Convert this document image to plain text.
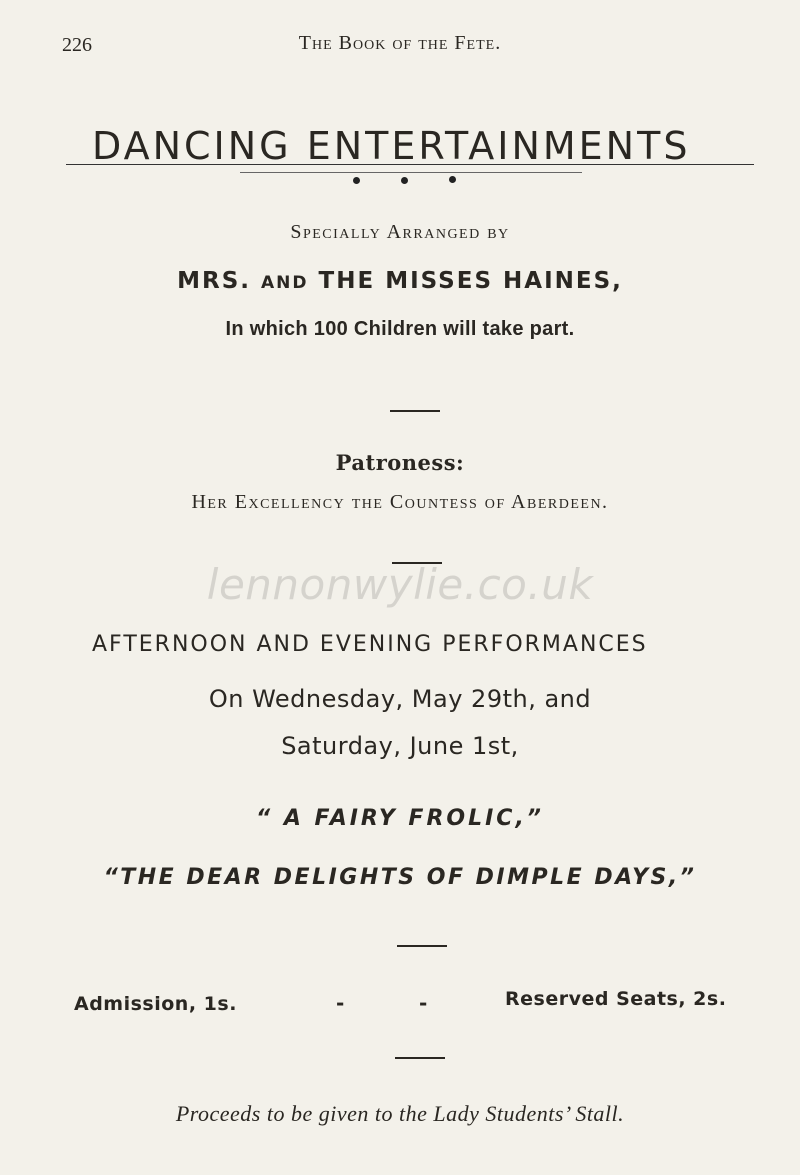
226	The Book of the Fete.
DANCING ENTERTAINMENTS
Specially Arranged by
MRS. AND THE MISSES HAINES,
In which 100 Children will take part.
Patroness:
Her Excellency the Countess of Aberdeen.
lennonwylie.co.uk
AFTERNOON AND EVENING PERFORMANCES
On Wednesday, May 29th, and
Saturday, June 1st,
“ A FAIRY FROLIC,”
“THE DEAR DELIGHTS OF DIMPLE DAYS,”
Admission, 1s.	-	-	Reserved Seats, 2s.
Proceeds to be given to the Lady Students’ Stall.
